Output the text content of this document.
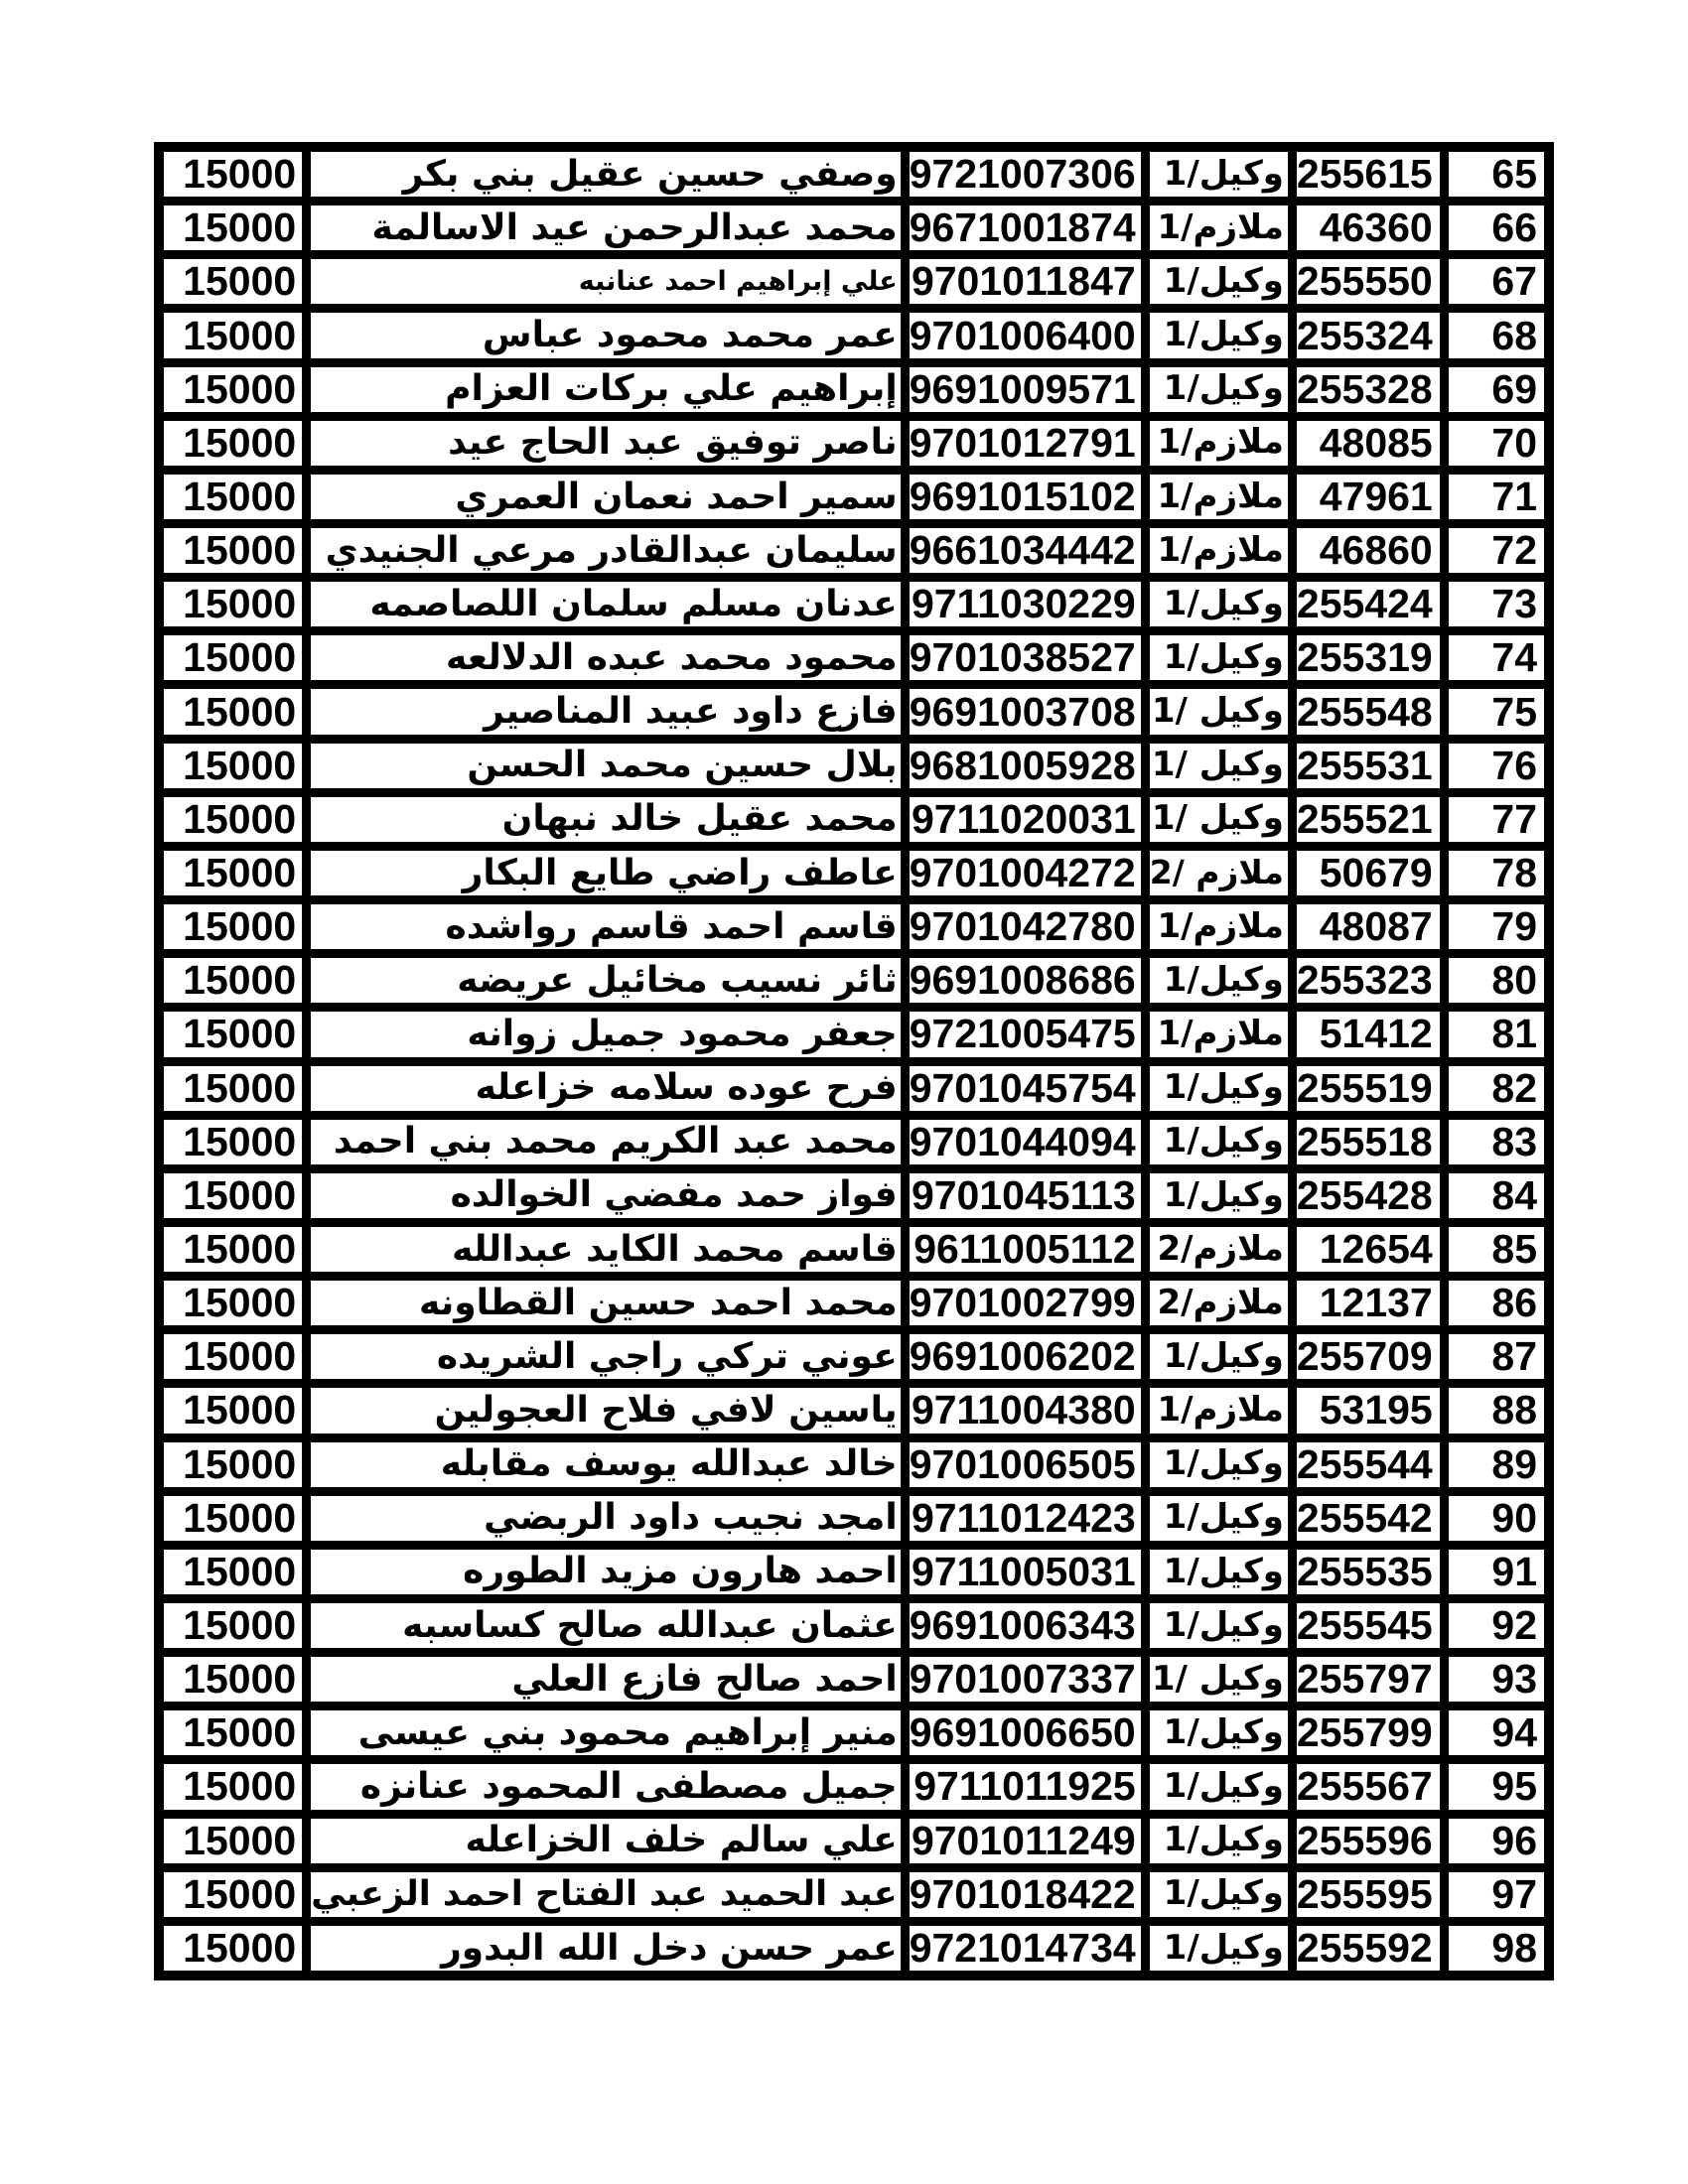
15000	وصفي حسين عقيل بني بكر 9721007306 وكيل/1 255615 65
15000 محمد عبدالرحمن عيد الاسالمة 9671001874 ملازم/1 46360 66
15000	علي إبراهيم احمد عنانبه 9701011847 وكيل/1 255550 67
15000	عمر محمد محمود عباس 9701006400 وكيل/1 255324 68
15000	إبراهيم علي بركات العزام 9691009571 وكيل/1 255328 69
15000	ناصر توفيق عبد الحاج عيد 9701012791 ملازم/1 48085 70
15000	سمير احمد نعمان العمري 9691015102 ملازم/1 47961 71
15000 سليمان عبدالقادر مرعي الجنيدي 9661034442 ملازم/1 46860 72
15000 عدنان مسلم سلمان اللصاصمه 9711030229 وكيل/1 255424 73
15000	محمود محمد عبده الدلالعه 9701038527 وكيل/1 255319 74
15000	فازع داود عبيد المناصير 9691003708 وكيل /1 255548 75
15000	بلال حسين محمد الحسن 9681005928 وكيل /1 255531 76
15000	محمد عقيل خالد نبهان 9711020031 وكيل /1 255521 77
15000	عاطف راضي طايع البكار 9701004272 ملازم /2 50679 78
15000	قاسم احمد قاسم رواشده 9701042780 ملازم/1 48087 79
15000	ثائر نسيب مخائيل عريضه 9691008686 وكيل/1 255323 80
15000	جعفر محمود جميل زوانه 9721005475 ملازم/1 51412 81
15000	فرح عوده سلامه خزاعله 9701045754 وكيل/1 255519 82
15000 محمد عبد الكريم محمد بني احمد 9701044094 وكيل/1 255518 83
15000	فواز حمد مفضي الخوالده 9701045113 وكيل/1 255428 84
15000	قاسم محمد الكايد عبدالله 9611005112 ملازم/2 12654 85
15000	محمد احمد حسين القطاونه 9701002799 ملازم/2 12137 86
15000	عوني تركي راجي الشريده 9691006202 وكيل/1 255709 87
15000	ياسين لافي فلاح العجولين 9711004380 ملازم/1 53195 88
15000	خالد عبدالله يوسف مقابله 9701006505 وكيل/1 255544 89
15000	امجد نجيب داود الربضي 9711012423 وكيل/1 255542 90
15000	احمد هارون مزيد الطوره 9711005031 وكيل/1 255535 91
15000	عثمان عبدالله صالح كساسبه 9691006343 وكيل/1 255545 92
15000	احمد صالح فازع العلي 9701007337 وكيل /1 255797 93
15000 منير إبراهيم محمود بني عيسى 9691006650 وكيل/1 255799 94
15000 جميل مصطفى المحمود عنانزه 9711011925 وكيل/1 255567 95
15000	علي سالم خلف الخزاعله 9701011249 وكيل/1 255596 96
15000 عبد الحميد عبد الفتاح احمد الزعبي 9701018422 وكيل/1 255595 97
15000	عمر حسن دخل الله البدور 9721014734 وكيل/1 255592 98
